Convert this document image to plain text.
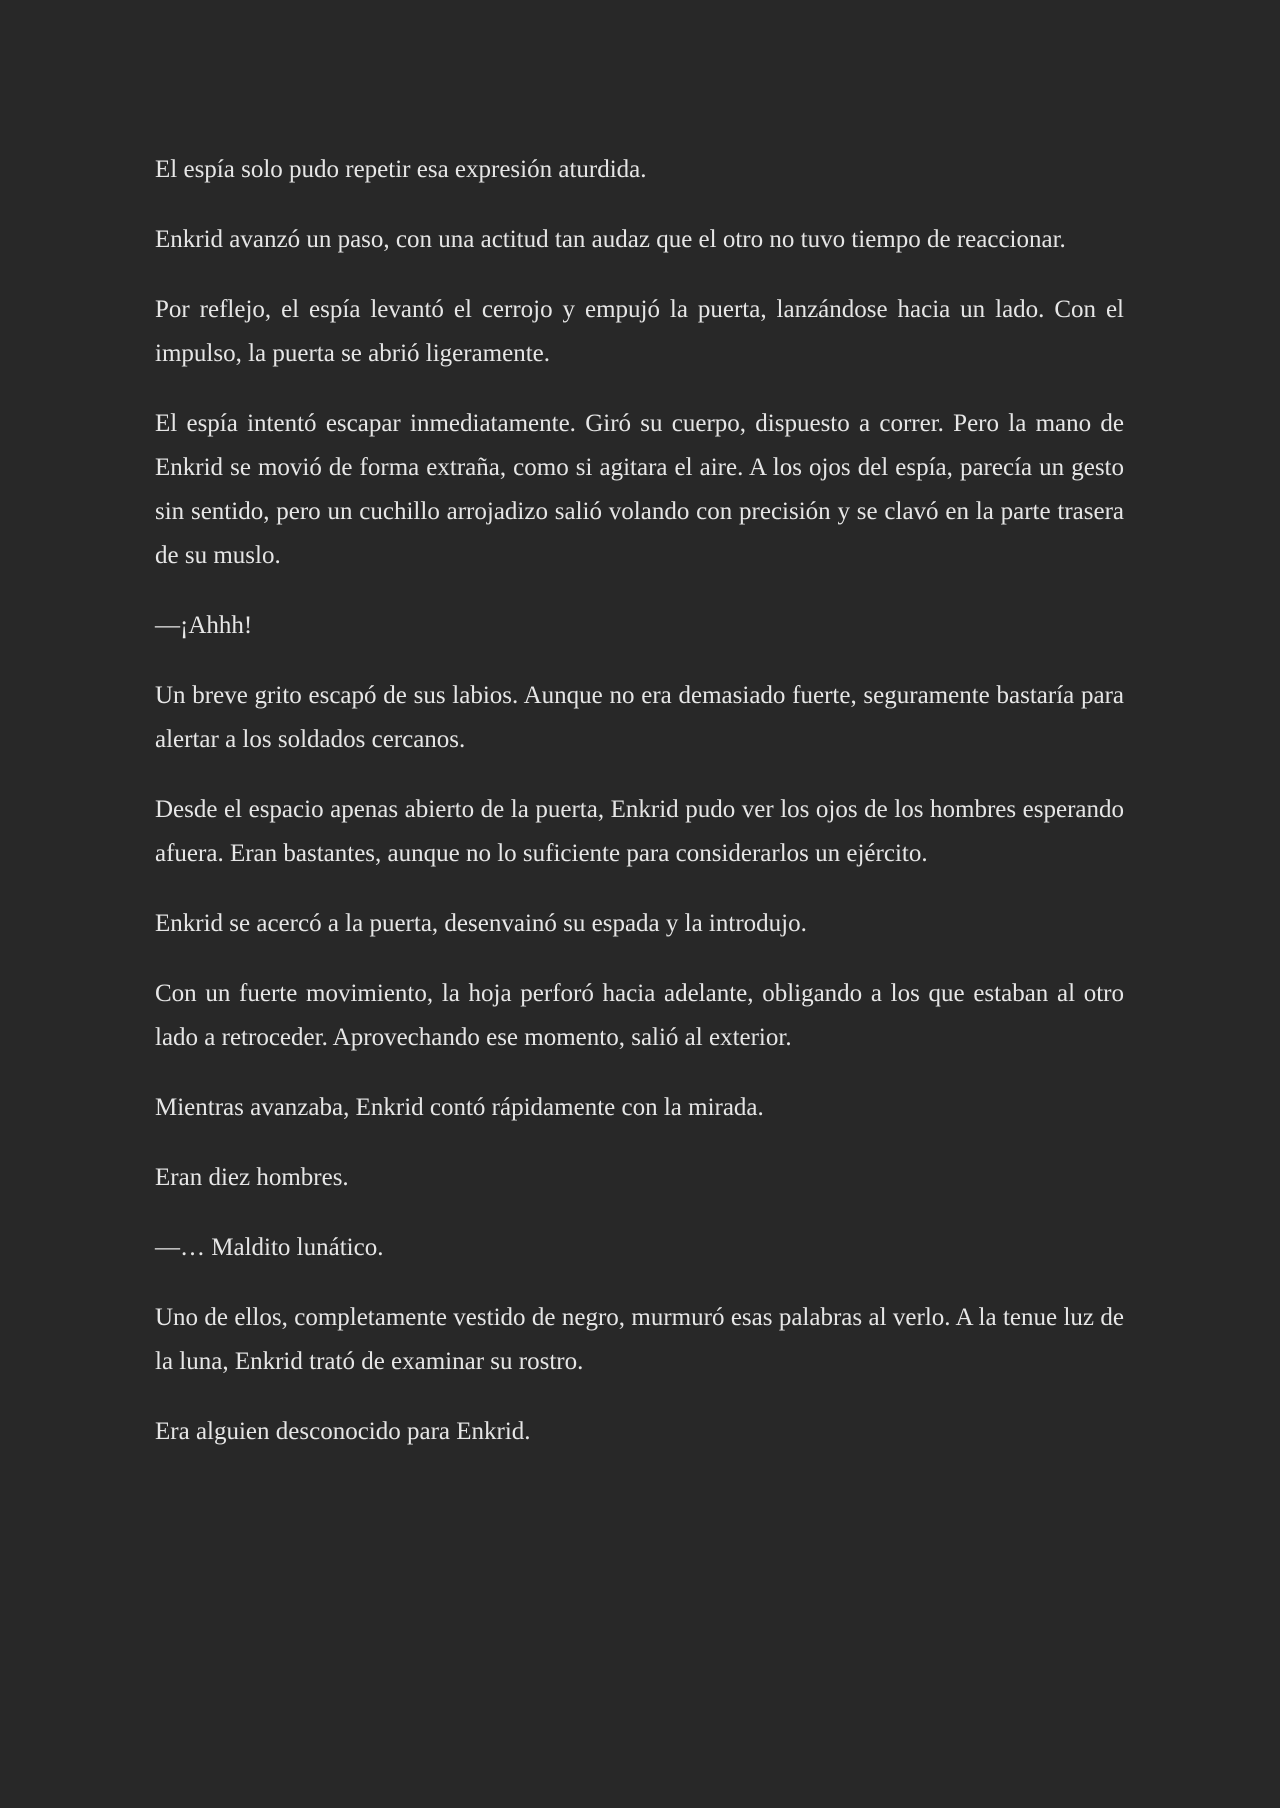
El espía solo pudo repetir esa expresión aturdida.

Enkrid avanzó un paso, con una actitud tan audaz que el otro no tuvo tiempo de reaccionar.

Por reflejo, el espía levantó el cerrojo y empujó la puerta, lanzándose hacia un lado. Con el impulso, la puerta se abrió ligeramente.

El espía intentó escapar inmediatamente. Giró su cuerpo, dispuesto a correr. Pero la mano de Enkrid se movió de forma extraña, como si agitara el aire. A los ojos del espía, parecía un gesto sin sentido, pero un cuchillo arrojadizo salió volando con precisión y se clavó en la parte trasera de su muslo.

—¡Ahhh!

Un breve grito escapó de sus labios. Aunque no era demasiado fuerte, seguramente bastaría para alertar a los soldados cercanos.

Desde el espacio apenas abierto de la puerta, Enkrid pudo ver los ojos de los hombres esperando afuera. Eran bastantes, aunque no lo suficiente para considerarlos un ejército.

Enkrid se acercó a la puerta, desenvainó su espada y la introdujo.

Con un fuerte movimiento, la hoja perforó hacia adelante, obligando a los que estaban al otro lado a retroceder. Aprovechando ese momento, salió al exterior.

Mientras avanzaba, Enkrid contó rápidamente con la mirada.

Eran diez hombres.

—… Maldito lunático.

Uno de ellos, completamente vestido de negro, murmuró esas palabras al verlo. A la tenue luz de la luna, Enkrid trató de examinar su rostro.

Era alguien desconocido para Enkrid.
